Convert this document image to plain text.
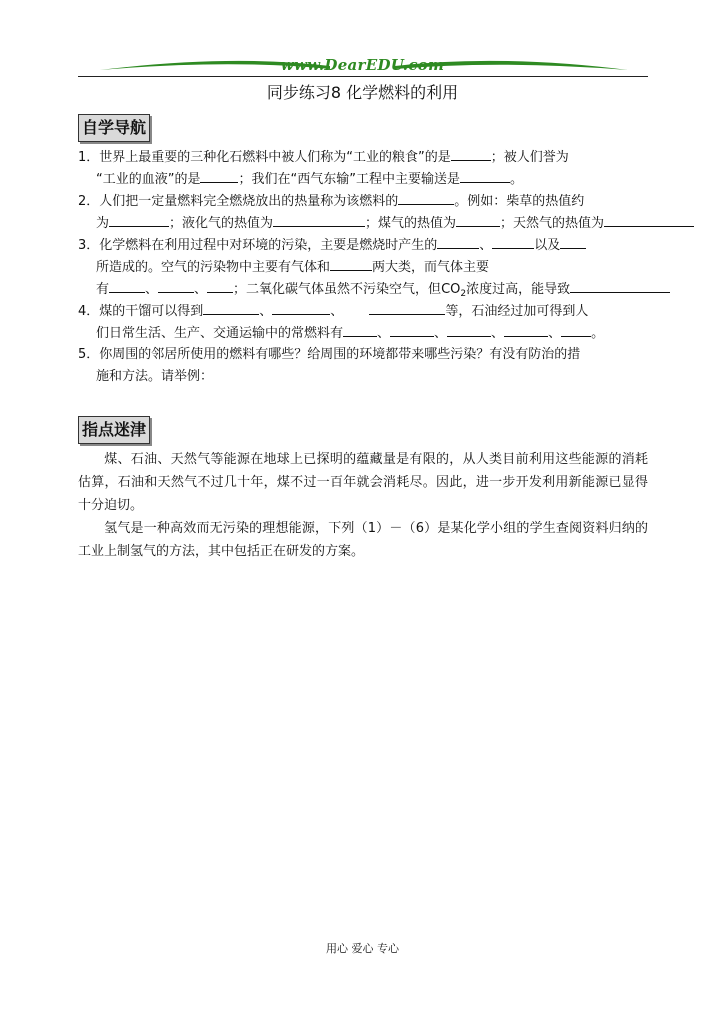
www.DearEDU.com
同步练习8 化学燃料的利用
自学导航
1．世界上最重要的三种化石燃料中被人们称为“工业的粮食”的是	；被人们誉为
“工业的血液”的是	；我们在“西气东输”工程中主要输送是	。
2．人们把一定量燃料完全燃烧放出的热量称为该燃料的	。例如：柴草的热值约
为	；液化气的热值为	；煤气的热值为	；天然气的热值为
3．化学燃料在利用过程中对环境的污染，主要是燃烧时产生的	、	以及
所造成的。空气的污染物中主要有气体和	两大类，而气体主要
有	、	、 ；二氧化碳气体虽然不污染空气，但$CO_2$浓度过高，能导致
4．煤的干馏可以得到	、	、	等，石油经过加可得到人
们日常生活、生产、交通运输中的常燃料有	、	、	、	、 。
5．你周围的邻居所使用的燃料有哪些？给周围的环境都带来哪些污染？有没有防治的措
施和方法。请举例：
指点迷津
煤、石油、天然气等能源在地球上已探明的蕴藏量是有限的，从人类目前利用这些能源的消耗估算，石油和天然气不过几十年，煤不过一百年就会消耗尽。因此，进一步开发利用新能源已显得十分迫切。
氢气是一种高效而无污染的理想能源，下列（1）－（6）是某化学小组的学生查阅资料归纳的工业上制氢气的方法，其中包括正在研发的方案。
用心 爱心 专心
